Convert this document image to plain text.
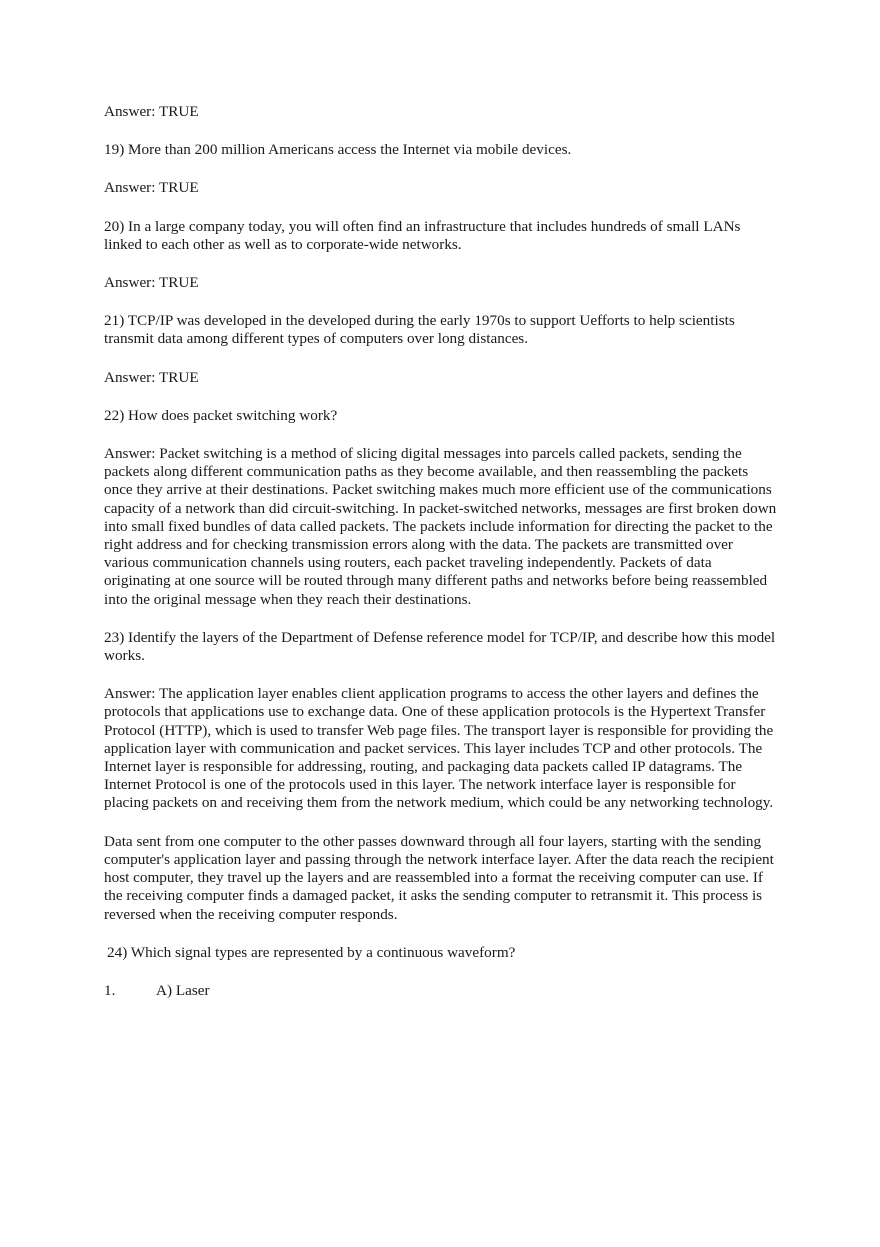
Answer: TRUE

19) More than 200 million Americans access the Internet via mobile devices.

Answer: TRUE

20) In a large company today, you will often find an infrastructure that includes hundreds of small LANs linked to each other as well as to corporate-wide networks.

Answer: TRUE

21) TCP/IP was developed in the developed during the early 1970s to support Uefforts to help scientists transmit data among different types of computers over long distances.

Answer: TRUE

22) How does packet switching work?

Answer: Packet switching is a method of slicing digital messages into parcels called packets, sending the packets along different communication paths as they become available, and then reassembling the packets once they arrive at their destinations. Packet switching makes much more efficient use of the communications capacity of a network than did circuit-switching. In packet-switched networks, messages are first broken down into small fixed bundles of data called packets. The packets include information for directing the packet to the right address and for checking transmission errors along with the data. The packets are transmitted over various communication channels using routers, each packet traveling independently. Packets of data originating at one source will be routed through many different paths and networks before being reassembled into the original message when they reach their destinations.

23) Identify the layers of the Department of Defense reference model for TCP/IP, and describe how this model works.

Answer: The application layer enables client application programs to access the other layers and defines the protocols that applications use to exchange data. One of these application protocols is the Hypertext Transfer Protocol (HTTP), which is used to transfer Web page files. The transport layer is responsible for providing the application layer with communication and packet services. This layer includes TCP and other protocols. The Internet layer is responsible for addressing, routing, and packaging data packets called IP datagrams. The Internet Protocol is one of the protocols used in this layer. The network interface layer is responsible for placing packets on and receiving them from the network medium, which could be any networking technology.

Data sent from one computer to the other passes downward through all four layers, starting with the sending computer's application layer and passing through the network interface layer. After the data reach the recipient host computer, they travel up the layers and are reassembled into a format the receiving computer can use. If the receiving computer finds a damaged packet, it asks the sending computer to retransmit it. This process is reversed when the receiving computer responds.

24) Which signal types are represented by a continuous waveform?

1.	A) Laser
